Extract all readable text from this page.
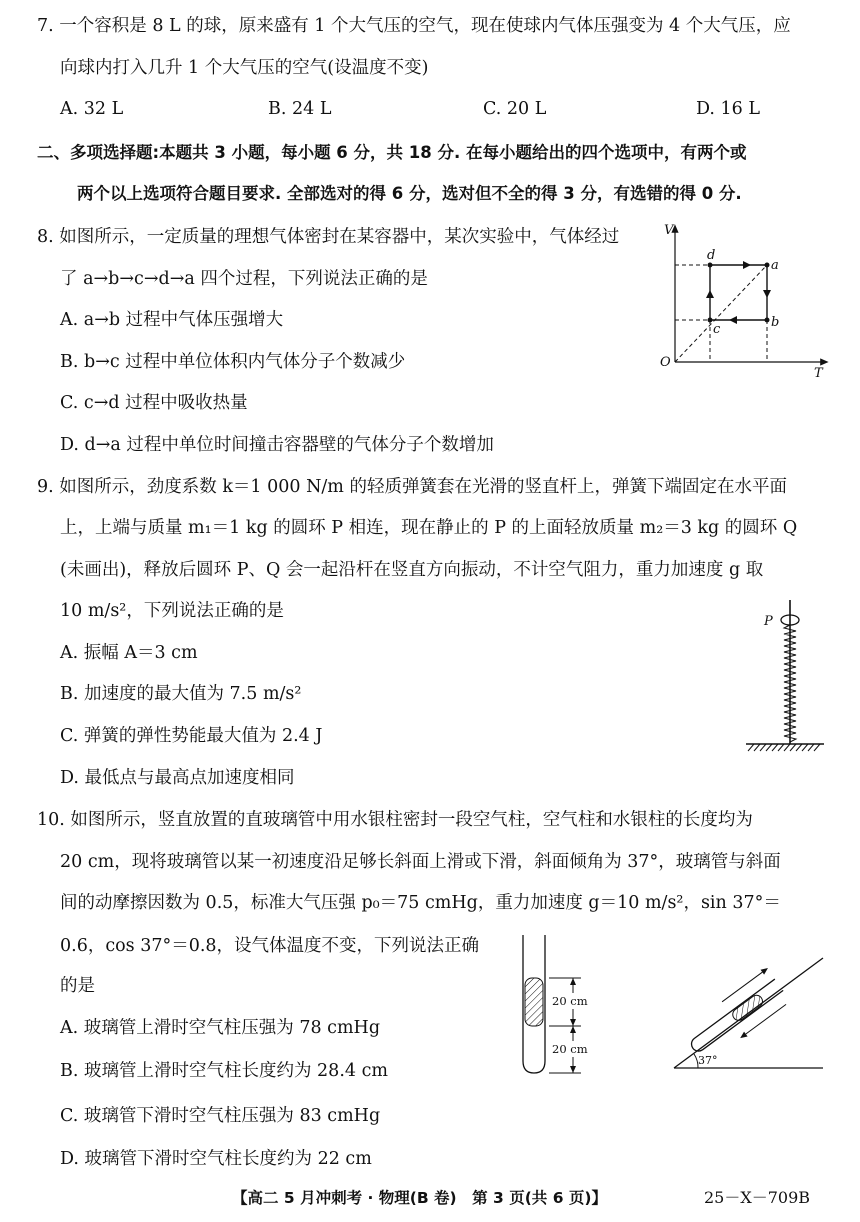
7. 一个容积是 8 L 的球，原来盛有 1 个大气压的空气，现在使球内气体压强变为 4 个大气压，应
向球内打入几升 1 个大气压的空气(设温度不变)
A. 32 L	B. 24 L	C. 20 L	D. 16 L
二、多项选择题:本题共 3 小题，每小题 6 分，共 18 分. 在每小题给出的四个选项中，有两个或
两个以上选项符合题目要求. 全部选对的得 6 分，选对但不全的得 3 分，有选错的得 0 分.
8. 如图所示，一定质量的理想气体密封在某容器中，某次实验中，气体经过
了 a→b→c→d→a 四个过程，下列说法正确的是
A. a→b 过程中气体压强增大
B. b→c 过程中单位体积内气体分子个数减少
C. c→d 过程中吸收热量
D. d→a 过程中单位时间撞击容器壁的气体分子个数增加
V
T
O
a
b
c
d
9. 如图所示，劲度系数 k＝1 000 N/m 的轻质弹簧套在光滑的竖直杆上，弹簧下端固定在水平面
上，上端与质量 m₁＝1 kg 的圆环 P 相连，现在静止的 P 的上面轻放质量 m₂＝3 kg 的圆环 Q
(未画出)，释放后圆环 P、Q 会一起沿杆在竖直方向振动，不计空气阻力，重力加速度 g 取
10 m/s²，下列说法正确的是
A. 振幅 A＝3 cm
B. 加速度的最大值为 7.5 m/s²
C. 弹簧的弹性势能最大值为 2.4 J
D. 最低点与最高点加速度相同
P
10. 如图所示，竖直放置的直玻璃管中用水银柱密封一段空气柱，空气柱和水银柱的长度均为
20 cm，现将玻璃管以某一初速度沿足够长斜面上滑或下滑，斜面倾角为 37°，玻璃管与斜面
间的动摩擦因数为 0.5，标准大气压强 p₀＝75 cmHg，重力加速度 g＝10 m/s²，sin 37°＝
0.6，cos 37°＝0.8，设气体温度不变，下列说法正确
的是
A. 玻璃管上滑时空气柱压强为 78 cmHg
B. 玻璃管上滑时空气柱长度约为 28.4 cm
C. 玻璃管下滑时空气柱压强为 83 cmHg
D. 玻璃管下滑时空气柱长度约为 22 cm
20 cm
20 cm
37°
【高二 5 月冲刺考 · 物理(B 卷)　第 3 页(共 6 页)】	25－X－709B
